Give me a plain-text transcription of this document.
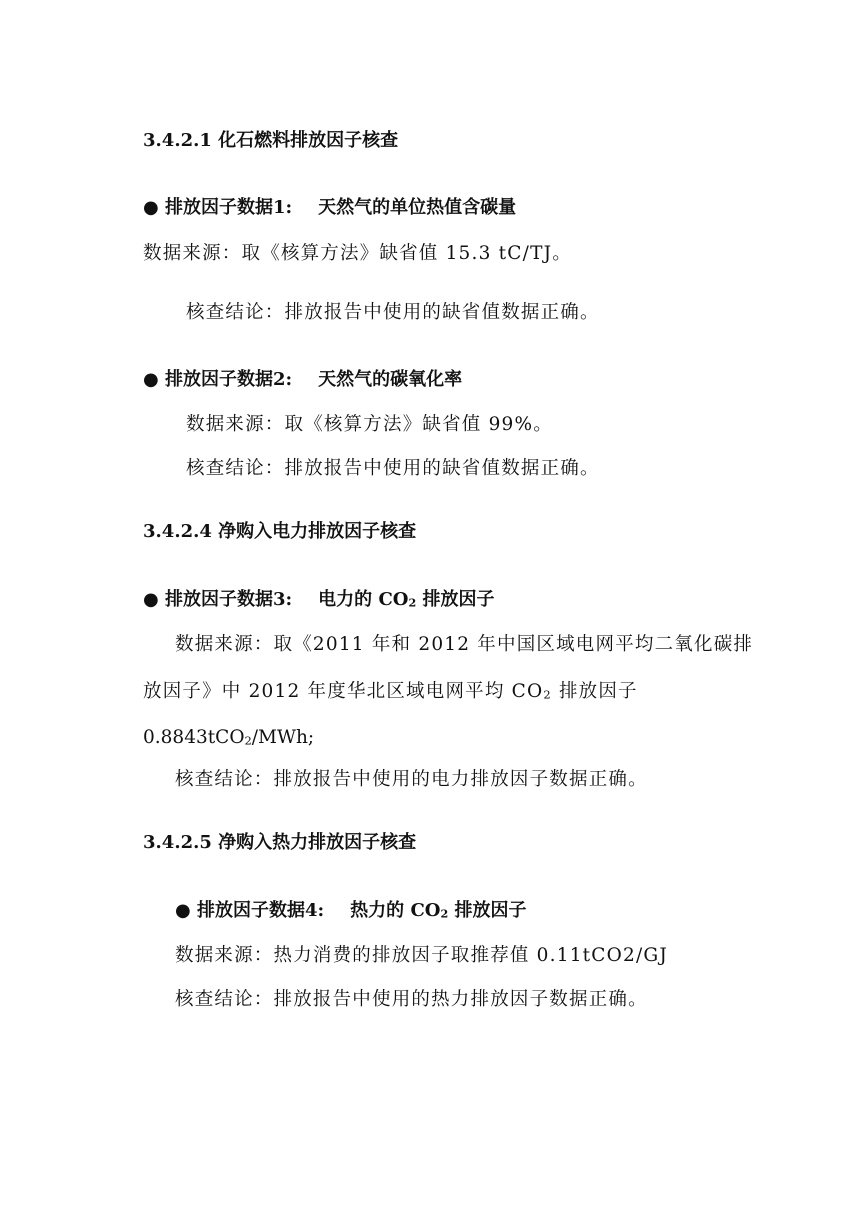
3.4.2.1 化石燃料排放因子核查
● 排放因子数据1: 天然气的单位热值含碳量
数据来源：取《核算方法》缺省值 15.3 tC/TJ。
核查结论：排放报告中使用的缺省值数据正确。
● 排放因子数据2: 天然气的碳氧化率
数据来源：取《核算方法》缺省值 99%。
核查结论：排放报告中使用的缺省值数据正确。
3.4.2.4 净购入电力排放因子核查
● 排放因子数据3: 电力的 $CO_2$ 排放因子
数据来源：取《2011 年和 2012 年中国区域电网平均二氧化碳排
放因子》中 2012 年度华北区域电网平均 $CO_2$ 排放因子
0.8843tCO$_2$/MWh;
核查结论：排放报告中使用的电力排放因子数据正确。
3.4.2.5 净购入热力排放因子核查
● 排放因子数据4: 热力的 $CO_2$ 排放因子
数据来源：热力消费的排放因子取推荐值 0.11tCO2/GJ
核查结论：排放报告中使用的热力排放因子数据正确。
